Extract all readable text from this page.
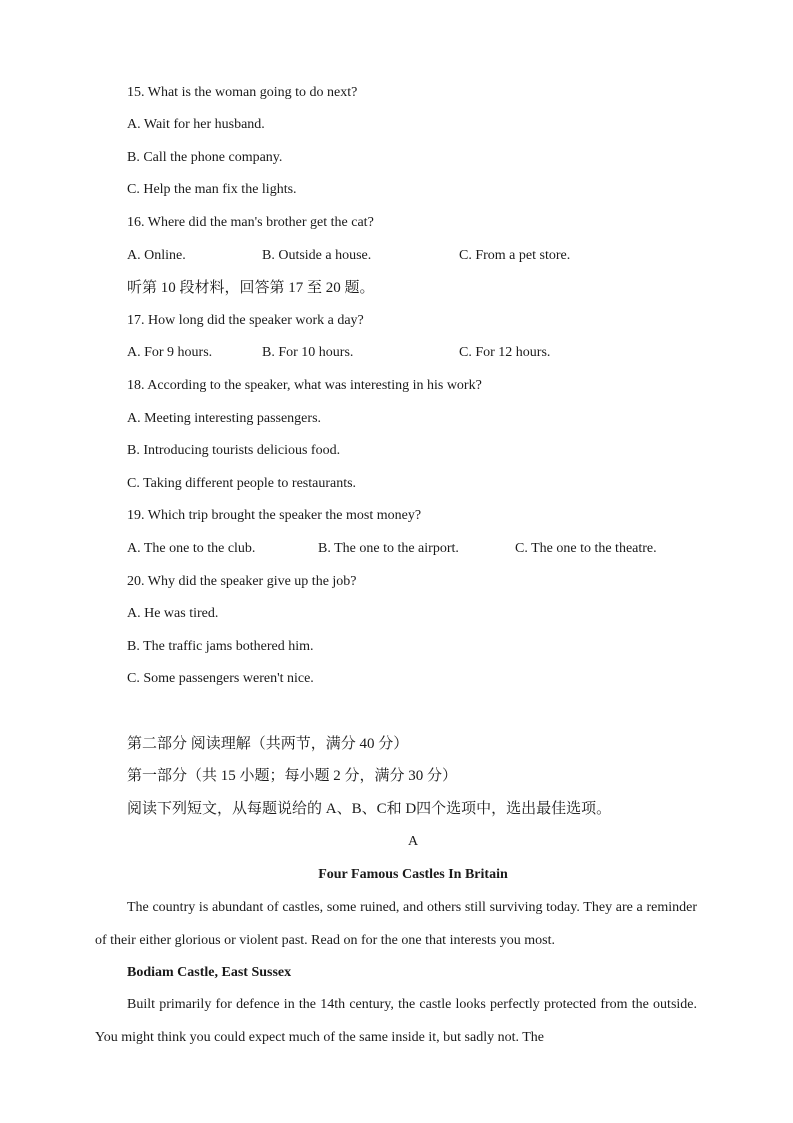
15. What is the woman going to do next?
A. Wait for her husband.
B. Call the phone company.
C. Help the man fix the lights.
16. Where did the man's brother get the cat?
A. Online.	B. Outside a house.	C. From a pet store.
听第 10 段材料，回答第 17 至 20 题。
17. How long did the speaker work a day?
A. For 9 hours.	B. For 10 hours.	C. For 12 hours.
18. According to the speaker, what was interesting in his work?
A. Meeting interesting passengers.
B. Introducing tourists delicious food.
C. Taking different people to restaurants.
19. Which trip brought the speaker the most money?
A. The one to the club.	B. The one to the airport.	C. The one to the theatre.
20. Why did the speaker give up the job?
A. He was tired.
B. The traffic jams bothered him.
C. Some passengers weren't nice.
第二部分 阅读理解（共两节，满分 40 分）
第一部分（共 15 小题；每小题 2 分，满分 30 分）
阅读下列短文，从每题说给的 A、B、C和 D四个选项中，选出最佳选项。
A
Four Famous Castles In Britain
The country is abundant of castles, some ruined, and others still surviving today. They are a reminder of their either glorious or violent past. Read on for the one that interests you most.
Bodiam Castle, East Sussex
Built primarily for defence in the 14th century, the castle looks perfectly protected from the outside. You might think you could expect much of the same inside it, but sadly not. The
